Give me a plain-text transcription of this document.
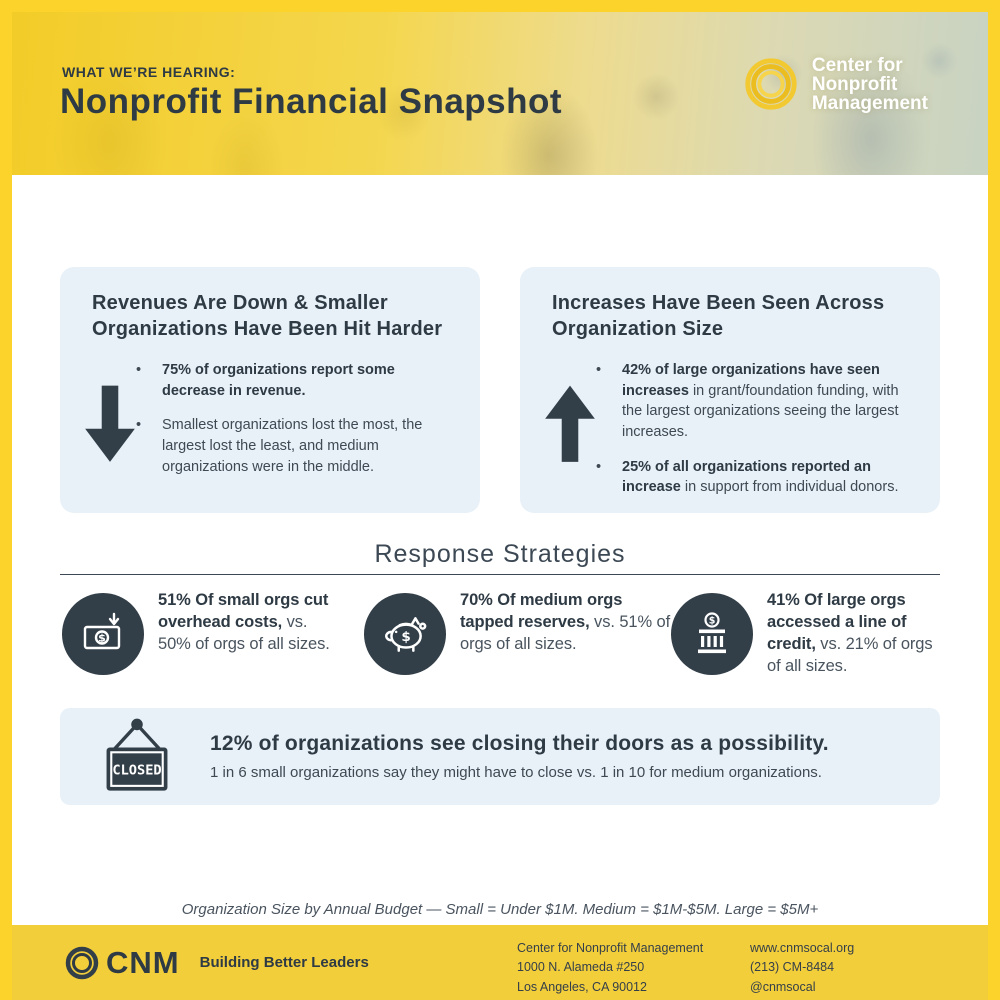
WHAT WE’RE HEARING:
Nonprofit Financial Snapshot
Center for
Nonprofit
Management
Revenues Are Down & Smaller Organizations Have Been Hit Harder
• 75% of organizations report some decrease in revenue.
• Smallest organizations lost the most, the largest lost the least, and medium organizations were in the middle.
Increases Have Been Seen Across Organization Size
• 42% of large organizations have seen increases in grant/foundation funding, with the largest organizations seeing the largest increases.
• 25% of all organizations reported an increase in support from individual donors.
Response Strategies
$

51% Of small orgs cut overhead costs, vs. 50% of orgs of all sizes.	$

70% Of medium orgs tapped reserves, vs. 51% of orgs of all sizes.

$

41% Of large orgs accessed a line of credit, vs. 21% of orgs of all sizes.

CLOSED
12% of organizations see closing their doors as a possibility.
1 in 6 small organizations say they might have to close vs. 1 in 10 for medium organizations.
Organization Size by Annual Budget — Small = Under $1M. Medium = $1M-$5M. Large = $5M+
CNM Building Better Leaders
Center for Nonprofit Management
1000 N. Alameda #250
Los Angeles, CA 90012
www.cnmsocal.org
(213) CM-8484
@cnmsocal
